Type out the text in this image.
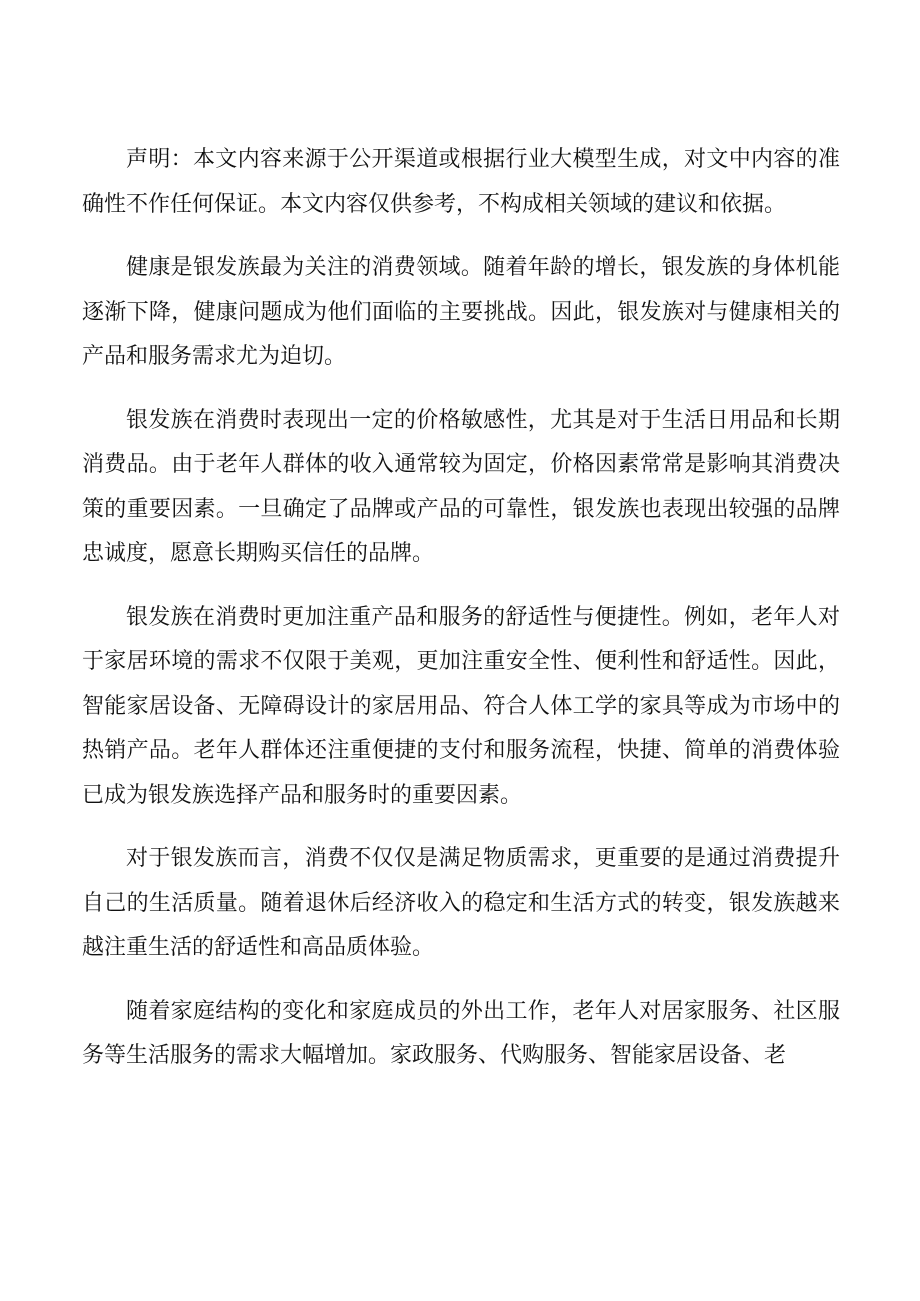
声明：本文内容来源于公开渠道或根据行业大模型生成，对文中内容的准确性不作任何保证。本文内容仅供参考，不构成相关领域的建议和依据。

健康是银发族最为关注的消费领域。随着年龄的增长，银发族的身体机能逐渐下降，健康问题成为他们面临的主要挑战。因此，银发族对与健康相关的产品和服务需求尤为迫切。

银发族在消费时表现出一定的价格敏感性，尤其是对于生活日用品和长期消费品。由于老年人群体的收入通常较为固定，价格因素常常是影响其消费决策的重要因素。一旦确定了品牌或产品的可靠性，银发族也表现出较强的品牌忠诚度，愿意长期购买信任的品牌。

银发族在消费时更加注重产品和服务的舒适性与便捷性。例如，老年人对于家居环境的需求不仅限于美观，更加注重安全性、便利性和舒适性。因此，智能家居设备、无障碍设计的家居用品、符合人体工学的家具等成为市场中的热销产品。老年人群体还注重便捷的支付和服务流程，快捷、简单的消费体验已成为银发族选择产品和服务时的重要因素。

对于银发族而言，消费不仅仅是满足物质需求，更重要的是通过消费提升自己的生活质量。随着退休后经济收入的稳定和生活方式的转变，银发族越来越注重生活的舒适性和高品质体验。

随着家庭结构的变化和家庭成员的外出工作，老年人对居家服务、社区服务等生活服务的需求大幅增加。家政服务、代购服务、智能家居设备、老
